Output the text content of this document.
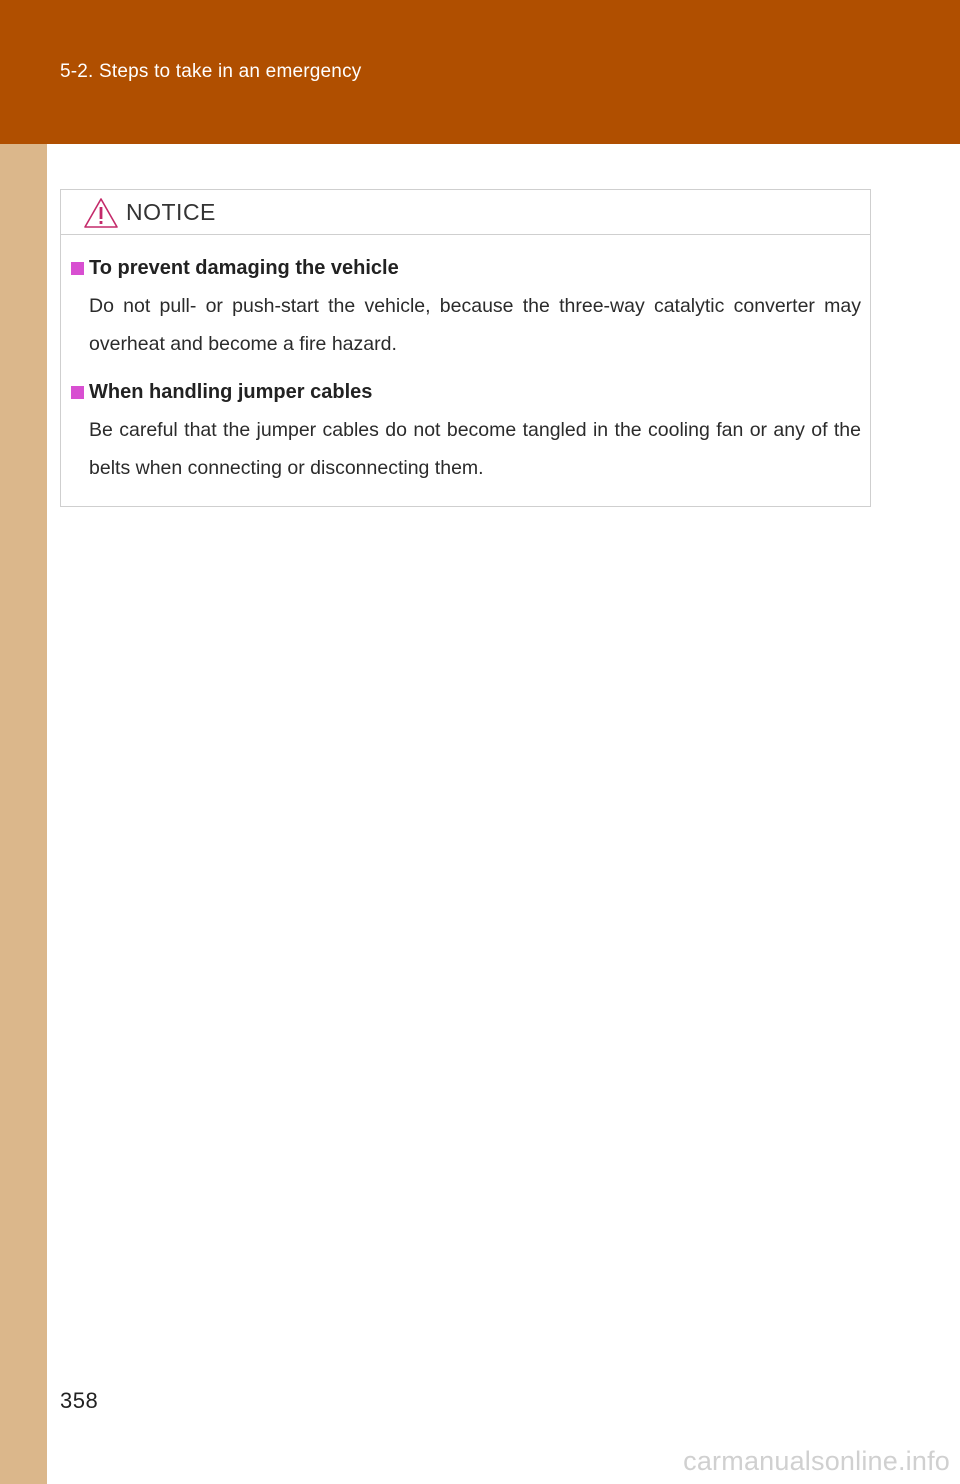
5-2. Steps to take in an emergency
NOTICE
To prevent damaging the vehicle
Do not pull- or push-start the vehicle, because the three-way catalytic converter may overheat and become a fire hazard.
When handling jumper cables
Be careful that the jumper cables do not become tangled in the cooling fan or any of the belts when connecting or disconnecting them.
358
carmanualsonline.info
